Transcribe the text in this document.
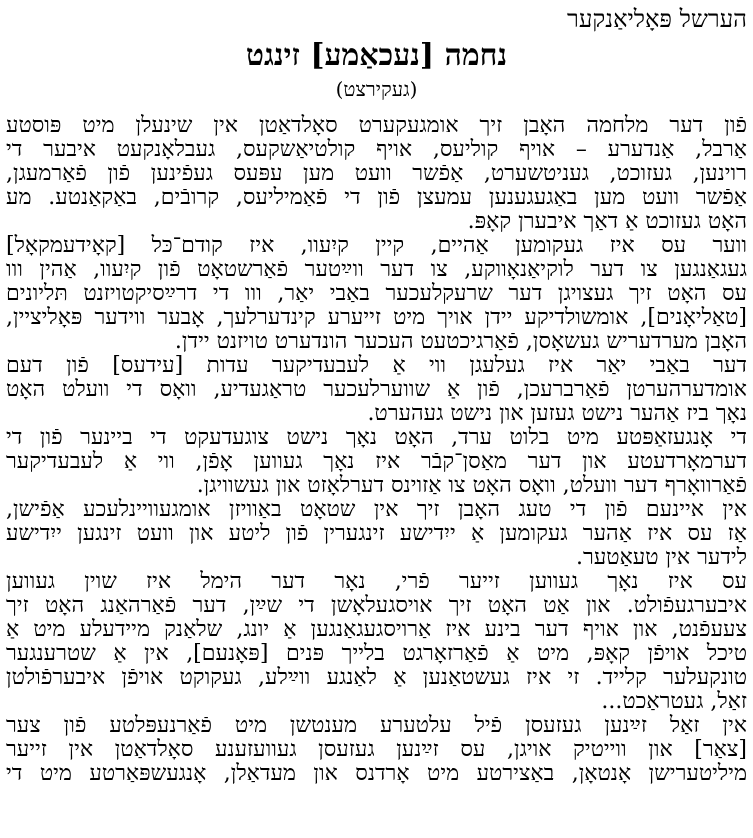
הערשל פּאָליאַנקער
נחמה [נעכאַמע] זינגט
(געקירצט)
פֿון דער מלחמה האָבן זיך אומגעקערט סאָלדאַטן אין שינעלן מיט פּוסטע
אַרבל, אַנדערע – אויף קוליעס, אויף קולטיאַשקעס, געבלאָנקעט איבער די
רוינען, געזוכט, געניטשערט, אַפֿשר וועט מען עפּעס געפֿינען פֿון פֿאַרמעגן,
אַפֿשר וועט מען באַגעגענען עמעצן פֿון די פֿאַמיליעס, קרובֿים, באַקאַנטע. מע
האָט געזוכט אַ דאַך איבערן קאָפּ.
ווער עס איז געקומען אַהיים, קיין קיִעוו, איז קודם־כּל [קאָידעמקאָל]
געגאַנגען צו דער לוקיאַנאָווקע, צו דער ווײַטער פֿאַרשטאָט פֿון קיִעוו, אַהין ווו
עס האָט זיך געצויגן דער שרעקלעכער באַבי יאַר, ווו די דרײַסיקטויזנט תּליונים
[טאַליאָנים], אומשולדיקע יידן אויך מיט זייערע קינדערלעך, אָבער ווידער פּאָליציין,
האָבן מערדעריש געשאָסן, פֿאַרגיכטעט העכער הונדערט טויזנט יידן.
דער באַבי יאַר איז געלעגן ווי אַ לעבעדיקער עדות [עידעס] פֿון דעם
אומדערהערטן פֿאַרברעכן, פֿון אַ שווערלעכער טראַגעדיע, וואָס די וועלט האָט
נאָך ביז אַהער נישט געזען און נישט געהערט.
די אָנגעזאַפּטע מיט בלוט ערד, האָט נאָך נישט צוגעדעקט די ביינער פֿון די
דערמאָרדעטע און דער מאַסן־קבֿר איז נאָך געווען אָפֿן, ווי אַ לעבעדיקער
פֿאַרוואָרף דער וועלט, וואָס האָט צו אַזוינס דערלאָזט און געשוויגן.
אין איינעם פֿון די טעג האָבן זיך אין שטאָט באַוויזן אומגעוויינלעכע אַפֿישן,
אַז עס איז אַהער געקומען אַ ייִדישע זינגערין פֿון ליטע און וועט זינגען ייִדישע
לידער אין טעאַטער.
עס איז נאָך געווען זייער פֿרי, נאָר דער הימל איז שוין געווען
איבערגעפֿולט. און אַט האָט זיך אויסגעלאָשן די שײַן, דער פֿאַרהאַנג האָט זיך
צעעפֿנט, און אויף דער בינע איז אַרויסגעגאַנגען אַ יונג, שלאַנק מיידעלע מיט אַ
טיכל אויפֿן קאָפּ, מיט אַ פֿאַרזאָרגט בלייך פּנים [פּאָנעם], אין אַ שטרענגער
טונקעלער קלייד. זי איז געשטאַנען אַ לאַנגע ווײַלע, געקוקט אויפֿן איבערפֿולטן
זאַל, געטראַכט...
אין זאַל זײַנען געזעסן פֿיל עלטערע מענטשן מיט פֿאַרנעפּלטע פֿון צער
[צאַר] און ווייטיק אויגן, עס זײַנען געזעסן געוועזענע סאָלדאַטן אין זייער
מיליטערישן אָנטאָן, באַצירטע מיט אָרדנס און מעדאַלן, אָנגעשפּאַרטע מיט די
